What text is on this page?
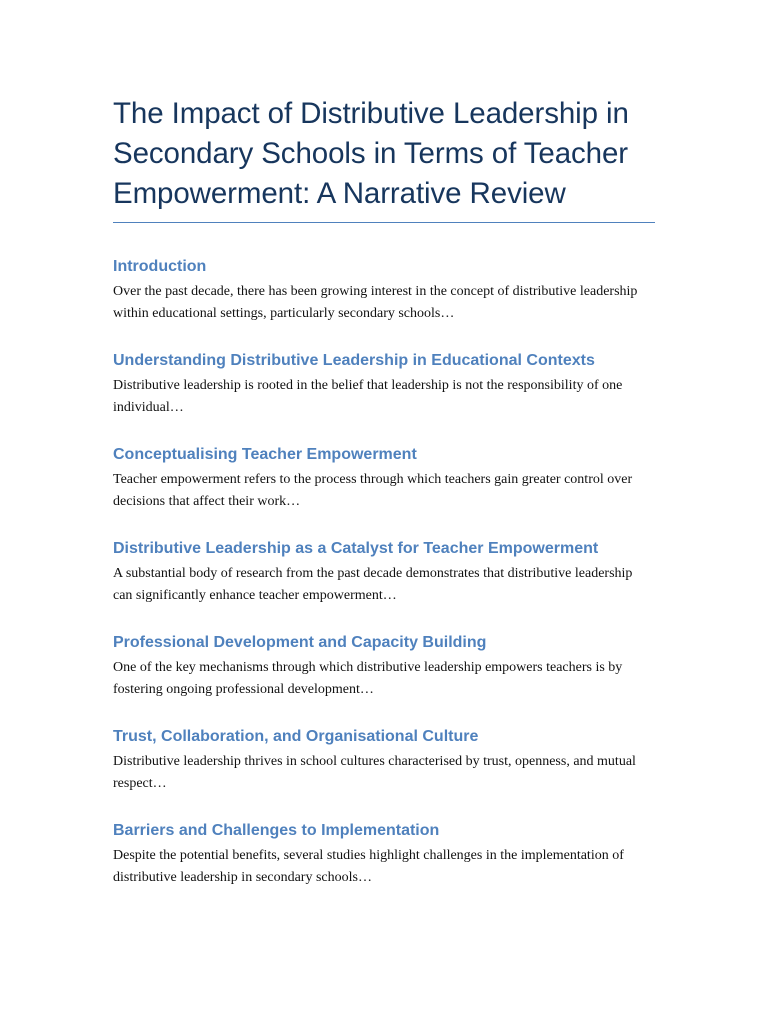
The Impact of Distributive Leadership in Secondary Schools in Terms of Teacher Empowerment: A Narrative Review
Introduction

Over the past decade, there has been growing interest in the concept of distributive leadership within educational settings, particularly secondary schools…

Understanding Distributive Leadership in Educational Contexts

Distributive leadership is rooted in the belief that leadership is not the responsibility of one individual…

Conceptualising Teacher Empowerment

Teacher empowerment refers to the process through which teachers gain greater control over decisions that affect their work…

Distributive Leadership as a Catalyst for Teacher Empowerment

A substantial body of research from the past decade demonstrates that distributive leadership can significantly enhance teacher empowerment…

Professional Development and Capacity Building

One of the key mechanisms through which distributive leadership empowers teachers is by fostering ongoing professional development…

Trust, Collaboration, and Organisational Culture

Distributive leadership thrives in school cultures characterised by trust, openness, and mutual respect…

Barriers and Challenges to Implementation

Despite the potential benefits, several studies highlight challenges in the implementation of distributive leadership in secondary schools…
